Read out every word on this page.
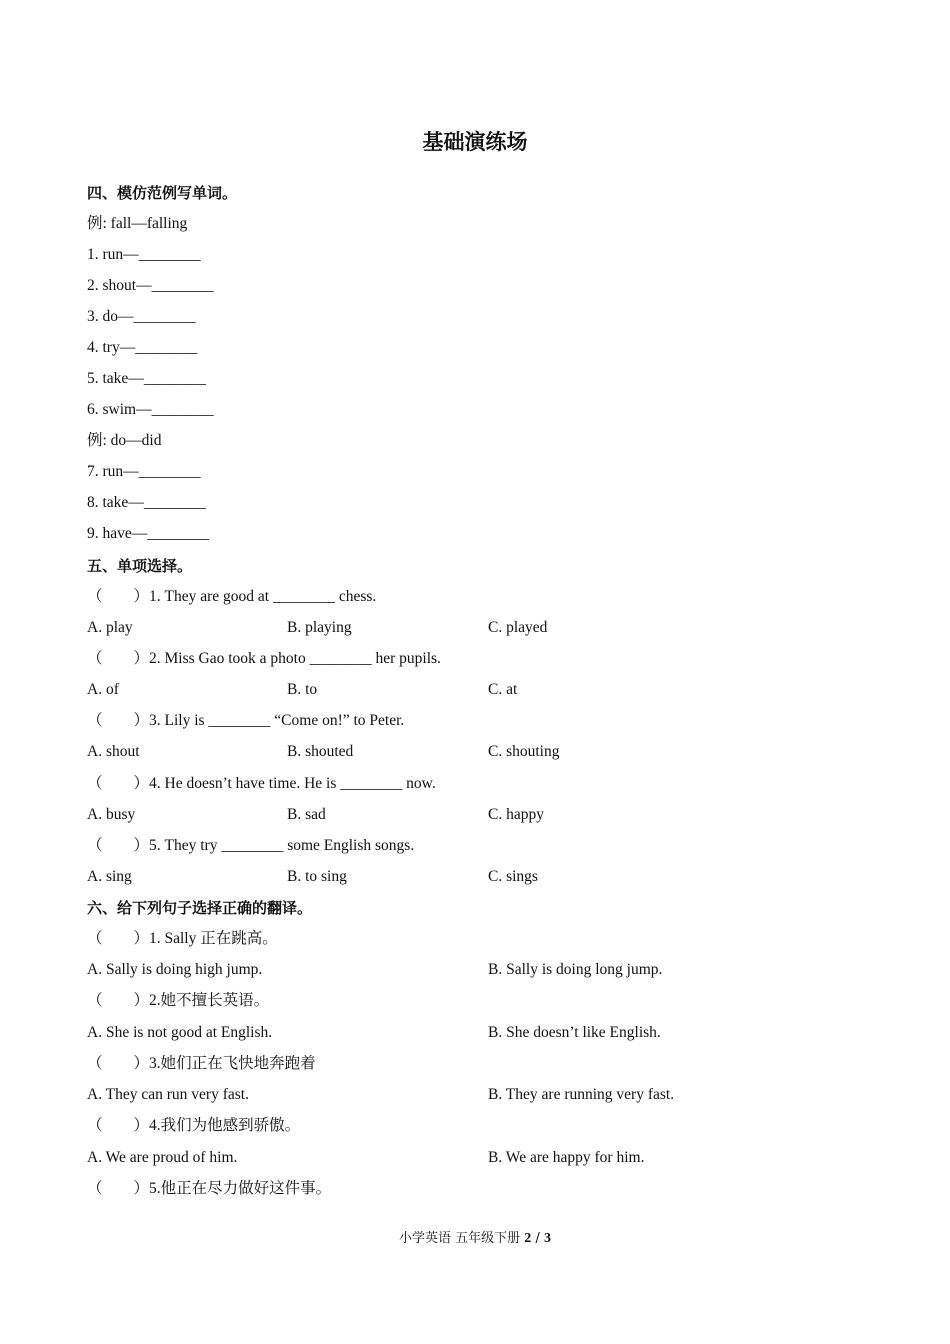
基础演练场
四、模仿范例写单词。
例: fall—falling
1. run—________
2. shout—________
3. do—________
4. try—________
5. take—________
6. swim—________
例: do—did
7. run—________
8. take—________
9. have—________
五、单项选择。
（　　）1. They are good at ________ chess.
A. play	B. playing	C. played
（　　）2. Miss Gao took a photo ________ her pupils.
A. of	B. to	C. at
（　　）3. Lily is ________ “Come on!” to Peter.
A. shout	B. shouted	C. shouting
（　　）4. He doesn’t have time. He is ________ now.
A. busy	B. sad	C. happy
（　　）5. They try ________ some English songs.
A. sing	B. to sing	C. sings
六、给下列句子选择正确的翻译。
（　　）1. Sally 正在跳高。
A. Sally is doing high jump.	B. Sally is doing long jump.
（　　）2.她不擅长英语。
A. She is not good at English.	B. She doesn’t like English.
（　　）3.她们正在飞快地奔跑着
A. They can run very fast.	B. They are running very fast.
（　　）4.我们为他感到骄傲。
A. We are proud of him.	B. We are happy for him.
（　　）5.他正在尽力做好这件事。
小学英语 五年级下册 2 / 3
